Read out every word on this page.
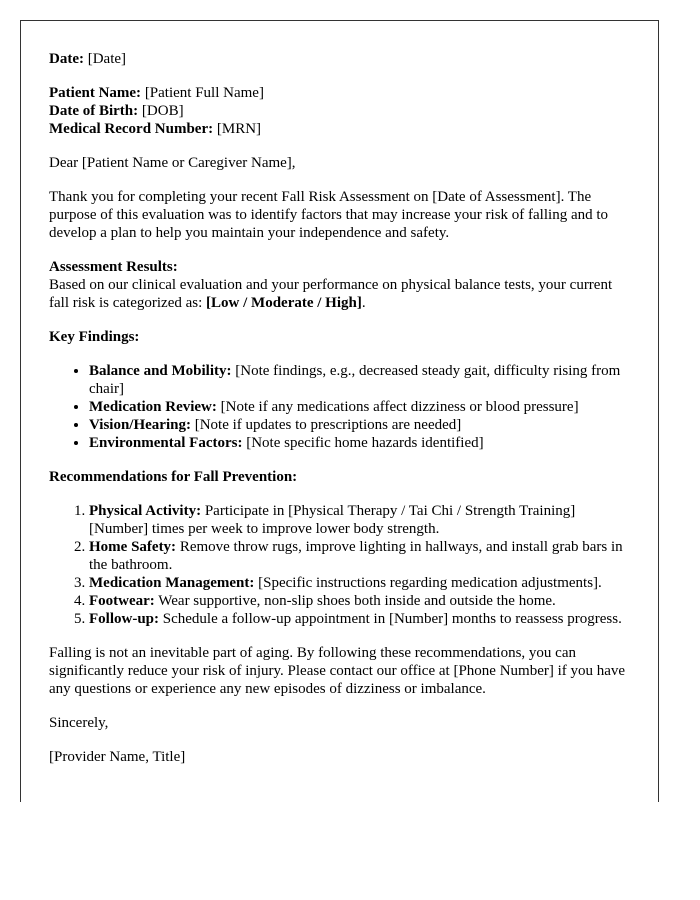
Date: [Date]

Patient Name: [Patient Full Name]
Date of Birth: [DOB]
Medical Record Number: [MRN]

Dear [Patient Name or Caregiver Name],

Thank you for completing your recent Fall Risk Assessment on [Date of Assessment]. The purpose of this evaluation was to identify factors that may increase your risk of falling and to develop a plan to help you maintain your independence and safety.

Assessment Results:
Based on our clinical evaluation and your performance on physical balance tests, your current fall risk is categorized as: [Low / Moderate / High].

Key Findings:

• Balance and Mobility: [Note findings, e.g., decreased steady gait, difficulty rising from chair]
• Medication Review: [Note if any medications affect dizziness or blood pressure]
• Vision/Hearing: [Note if updates to prescriptions are needed]
• Environmental Factors: [Note specific home hazards identified]

Recommendations for Fall Prevention:

1. Physical Activity: Participate in [Physical Therapy / Tai Chi / Strength Training] [Number] times per week to improve lower body strength.
2. Home Safety: Remove throw rugs, improve lighting in hallways, and install grab bars in the bathroom.
3. Medication Management: [Specific instructions regarding medication adjustments].
4. Footwear: Wear supportive, non-slip shoes both inside and outside the home.
5. Follow-up: Schedule a follow-up appointment in [Number] months to reassess progress.

Falling is not an inevitable part of aging. By following these recommendations, you can significantly reduce your risk of injury. Please contact our office at [Phone Number] if you have any questions or experience any new episodes of dizziness or imbalance.

Sincerely,

[Provider Name, Title]
